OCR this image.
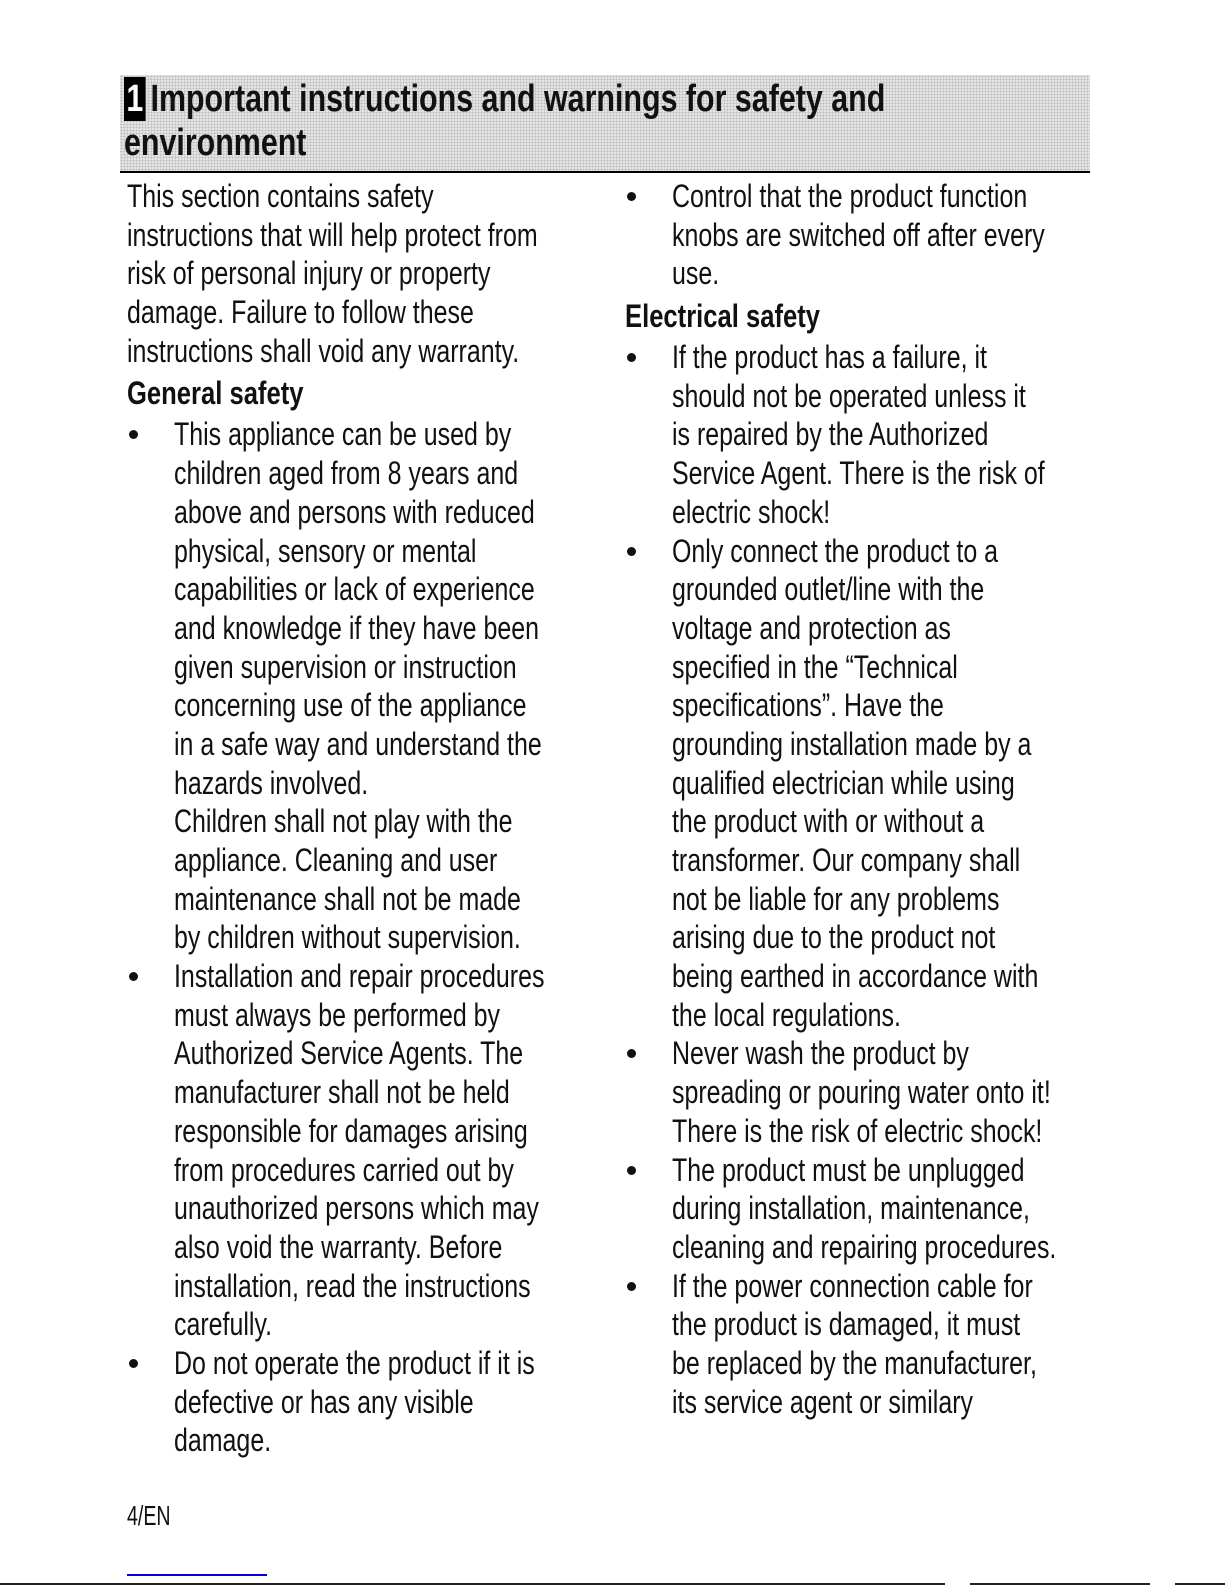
1 Important instructions and warnings for safety and
environment
This section contains safety
instructions that will help protect from
risk of personal injury or property
damage. Failure to follow these
instructions shall void any warranty.
General safety
This appliance can be used by
children aged from 8 years and
above and persons with reduced
physical, sensory or mental
capabilities or lack of experience
and knowledge if they have been
given supervision or instruction
concerning use of the appliance
in a safe way and understand the
hazards involved.
Children shall not play with the
appliance. Cleaning and user
maintenance shall not be made
by children without supervision.
Installation and repair procedures
must always be performed by
Authorized Service Agents. The
manufacturer shall not be held
responsible for damages arising
from procedures carried out by
unauthorized persons which may
also void the warranty. Before
installation, read the instructions
carefully.
Do not operate the product if it is
defective or has any visible
damage.
Control that the product function
knobs are switched off after every
use.
Electrical safety
If the product has a failure, it
should not be operated unless it
is repaired by the Authorized
Service Agent. There is the risk of
electric shock!
Only connect the product to a
grounded outlet/line with the
voltage and protection as
specified in the “Technical
specifications”. Have the
grounding installation made by a
qualified electrician while using
the product with or without a
transformer. Our company shall
not be liable for any problems
arising due to the product not
being earthed in accordance with
the local regulations.
Never wash the product by
spreading or pouring water onto it!
There is the risk of electric shock!
The product must be unplugged
during installation, maintenance,
cleaning and repairing procedures.
If the power connection cable for
the product is damaged, it must
be replaced by the manufacturer,
its service agent or similary
4/EN
